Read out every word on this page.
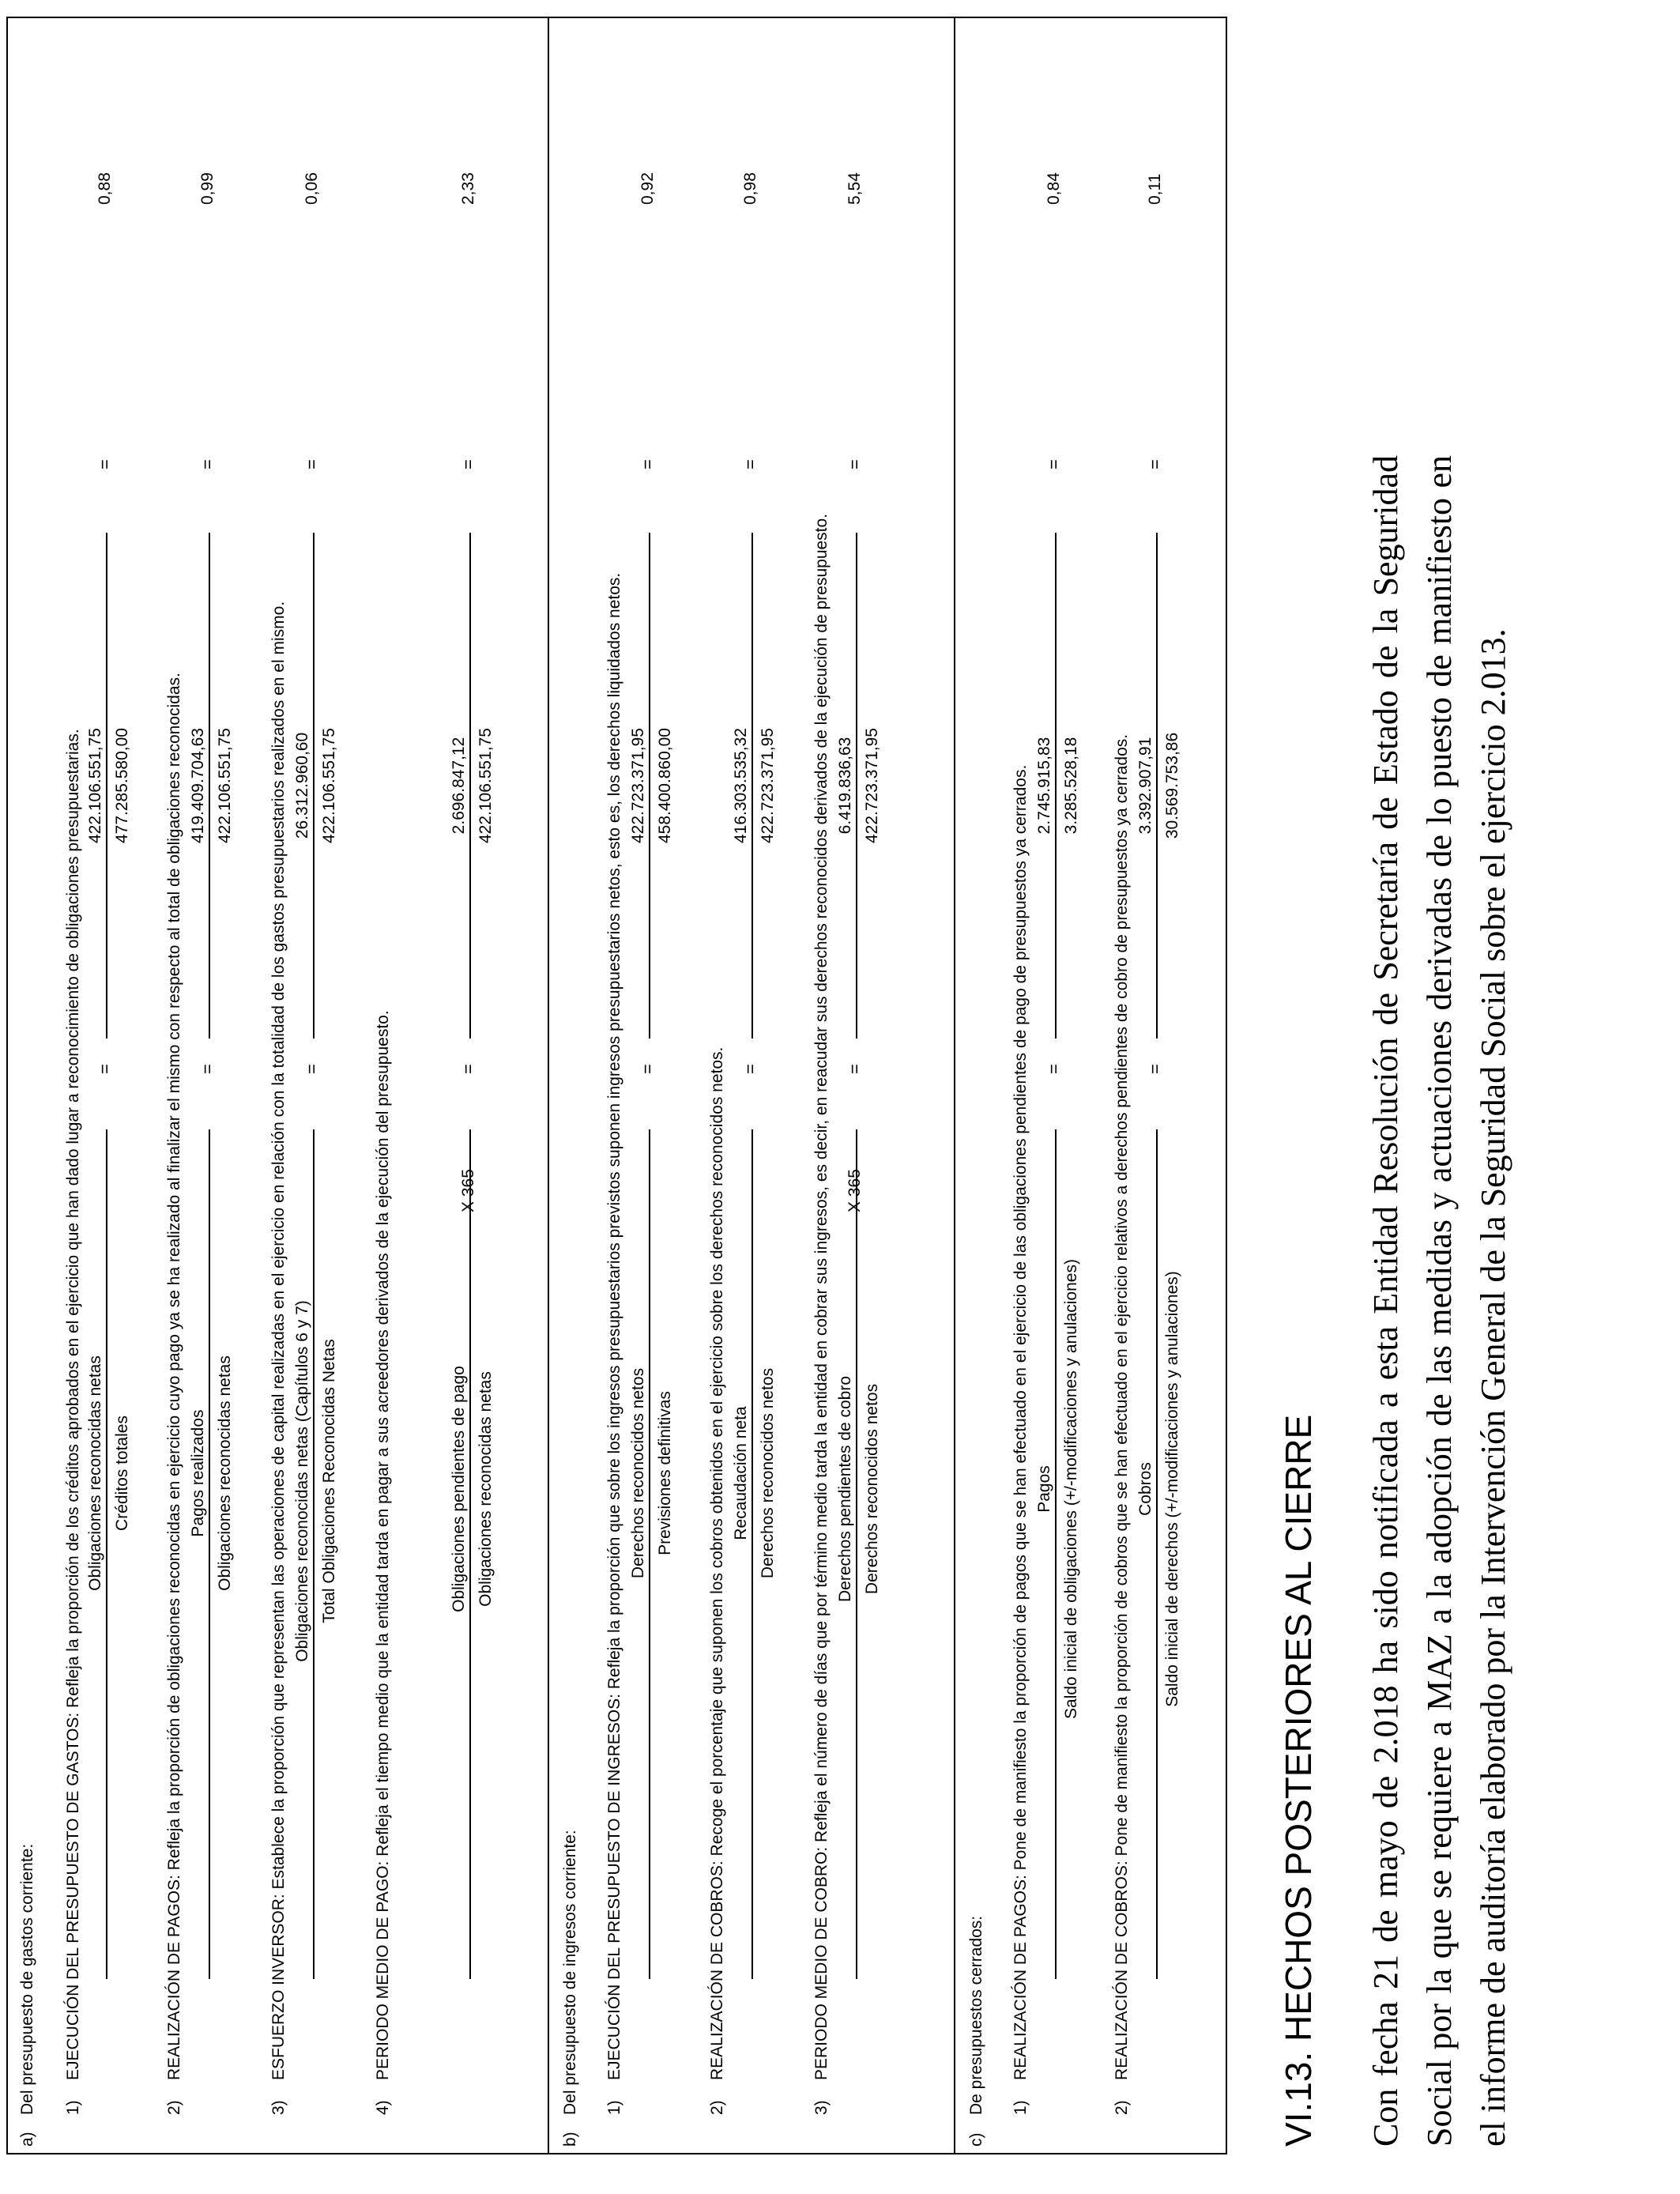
a)
Del presupuesto de gastos corriente: 1)
EJECUCIÓN DEL PRESUPUESTO DE GASTOS: Refleja la proporción de los créditos aprobados en el ejercicio que han dado lugar a reconocimiento de obligaciones presupuestarias. Obligaciones reconocidas netas Créditos totales
=
422.106.551,75 477.285.580,00
=
0,88
2)
REALIZACIÓN DE PAGOS: Refleja la proporción de obligaciones reconocidas en ejercicio cuyo pago ya se ha realizado al finalizar el mismo con respecto al total de obligaciones reconocidas. Pagos realizados Obligaciones reconocidas netas
=
419.409.704,63 422.106.551,75
=
0,99
3)
ESFUERZO INVERSOR: Establece la proporción que representan las operaciones de capital realizadas en el ejercicio en relación con la totalidad de los gastos presupuestarios realizados en el mismo. Obligaciones reconocidas netas (Capítulos 6 y 7) Total Obligaciones Reconocidas Netas
=
26.312.960,60 422.106.551,75
=
0,06
4)
PERIODO MEDIO DE PAGO: Refleja el tiempo medio que la entidad tarda en pagar a sus acreedores derivados de la ejecución del presupuesto.	Obligaciones pendientes de pago Obligaciones reconocidas netas
X 365
=
2.696.847,12 422.106.551,75
=
2,33
b)
Del presupuesto de ingresos corriente: 1)
EJECUCIÓN DEL PRESUPUESTO DE INGRESOS: Refleja la proporción que sobre los ingresos presupuestarios previstos suponen ingresos presupuestarios netos, esto es, los derechos liquidados netos. Derechos reconocidos netos Previsiones definitivas
=
422.723.371,95 458.400.860,00
=
0,92
2)
REALIZACIÓN DE COBROS: Recoge el porcentaje que suponen los cobros obtenidos en el ejercicio sobre los derechos reconocidos netos. Recaudación neta Derechos reconocidos netos
=
416.303.535,32 422.723.371,95
=
0,98
3)
PERIODO MEDIO DE COBRO: Refleja el número de días que por término medio tarda la entidad en cobrar sus ingresos, es decir, en reacudar sus derechos reconocidos derivados de la ejecución de presupuesto. Derechos pendientes de cobro Derechos reconocidos netos
X 365
=
6.419.836,63 422.723.371,95
=
5,54
c)
De presupuestos cerrados: 1)
REALIZACIÓN DE PAGOS: Pone de manifiesto la proporción de pagos que se han efectuado en el ejercicio de las obligaciones pendientes de pago de presupuestos ya cerrados. Pagos Saldo inicial de obligaciones (+/-modificaciones y anulaciones)
=
2.745.915,83 3.285.528,18
=
0,84
2)
REALIZACIÓN DE COBROS: Pone de manifiesto la proporción de cobros que se han efectuado en el ejercicio relativos a derechos pendientes de cobro de presupuestos ya cerrados. Cobros Saldo inicial de derechos (+/-modificaciones y anulaciones)
=
3.392.907,91 30.569.753,86
=
0,11
VI.13. HECHOS POSTERIORES AL CIERRE Con fecha 21 de mayo de 2.018 ha sido notificada a esta Entidad Resolución de Secretaría de Estado de la Seguridad Social por la que se requiere a MAZ a la adopción de las medidas y actuaciones derivadas de lo puesto de manifiesto en el informe de auditoría elaborado por la Intervención General de la Seguridad Social sobre el ejercicio 2.013.
